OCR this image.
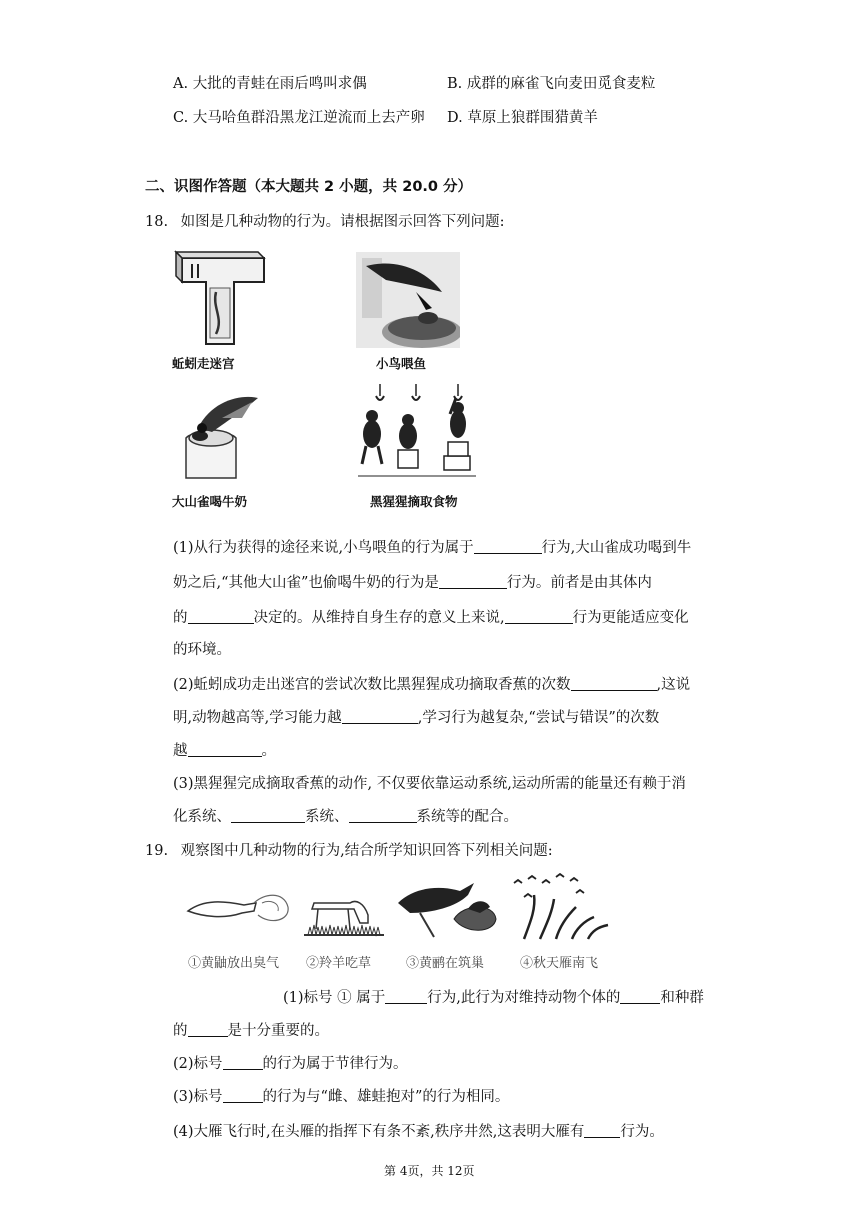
A. 大批的青蛙在雨后鸣叫求偶	B. 成群的麻雀飞向麦田觅食麦粒
C. 大马哈鱼群沿黑龙江逆流而上去产卵 D. 草原上狼群围猎黄羊
二、识图作答题（本大题共 2 小题，共 20.0 分）
18. 如图是几种动物的行为。请根据图示回答下列问题:
蚯蚓走迷宫	小鸟喂鱼
大山雀喝牛奶	黑猩猩摘取食物
(1)从行为获得的途径来说,小鸟喂鱼的行为属于	行为,大山雀成功喝到牛
奶之后,“其他大山雀”也偷喝牛奶的行为是	行为。前者是由其体内
的	决定的。从维持自身生存的意义上来说,	行为更能适应变化
的环境。
(2)蚯蚓成功走出迷宫的尝试次数比黑猩猩成功摘取香蕉的次数	,这说
明,动物越高等,学习能力越	,学习行为越复杂,“尝试与错误”的次数
越	。
(3)黑猩猩完成摘取香蕉的动作, 不仅要依靠运动系统,运动所需的能量还有赖于消
化系统、	系统、	系统等的配合。
19. 观察图中几种动物的行为,结合所学知识回答下列相关问题:
①黄鼬放出臭气 ②羚羊吃草	③黄鹂在筑巢	④秋天雁南飞
(1)标号 ① 属于	行为,此行为对维持动物个体的	和种群
的	是十分重要的。
(2)标号	的行为属于节律行为。
(3)标号	的行为与“雌、雄蛙抱对”的行为相同。
(4)大雁飞行时,在头雁的指挥下有条不紊,秩序井然,这表明大雁有 行为。
第 4页，共 12页
